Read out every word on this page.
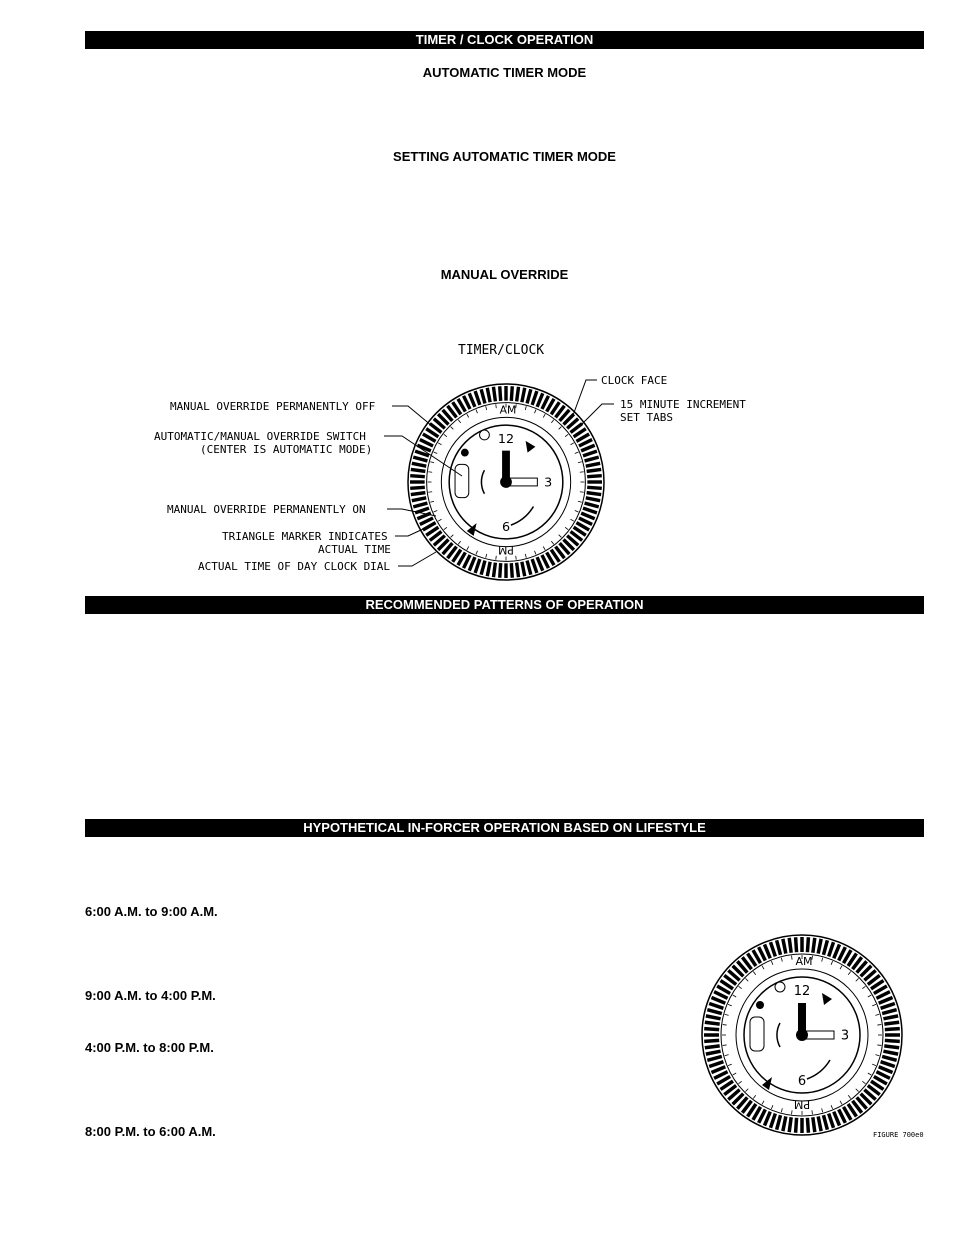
TIMER / CLOCK OPERATION
AUTOMATIC TIMER MODE
SETTING AUTOMATIC TIMER MODE
MANUAL OVERRIDE
TIMER/CLOCK
AM
PM
12
3
6
MANUAL OVERRIDE PERMANENTLY OFF
AUTOMATIC/MANUAL OVERRIDE SWITCH
(CENTER IS AUTOMATIC MODE)
MANUAL OVERRIDE PERMANENTLY ON
TRIANGLE MARKER INDICATES
ACTUAL TIME
ACTUAL TIME OF DAY CLOCK DIAL
CLOCK FACE
15 MINUTE INCREMENT
SET TABS
RECOMMENDED PATTERNS OF OPERATION
HYPOTHETICAL IN-FORCER OPERATION BASED ON LIFESTYLE
6:00 A.M. to 9:00 A.M.
9:00 A.M. to 4:00 P.M.
4:00 P.M. to 8:00 P.M.
8:00 P.M. to 6:00 A.M.
AM
PM
12
3
6
FIGURE 700e0
